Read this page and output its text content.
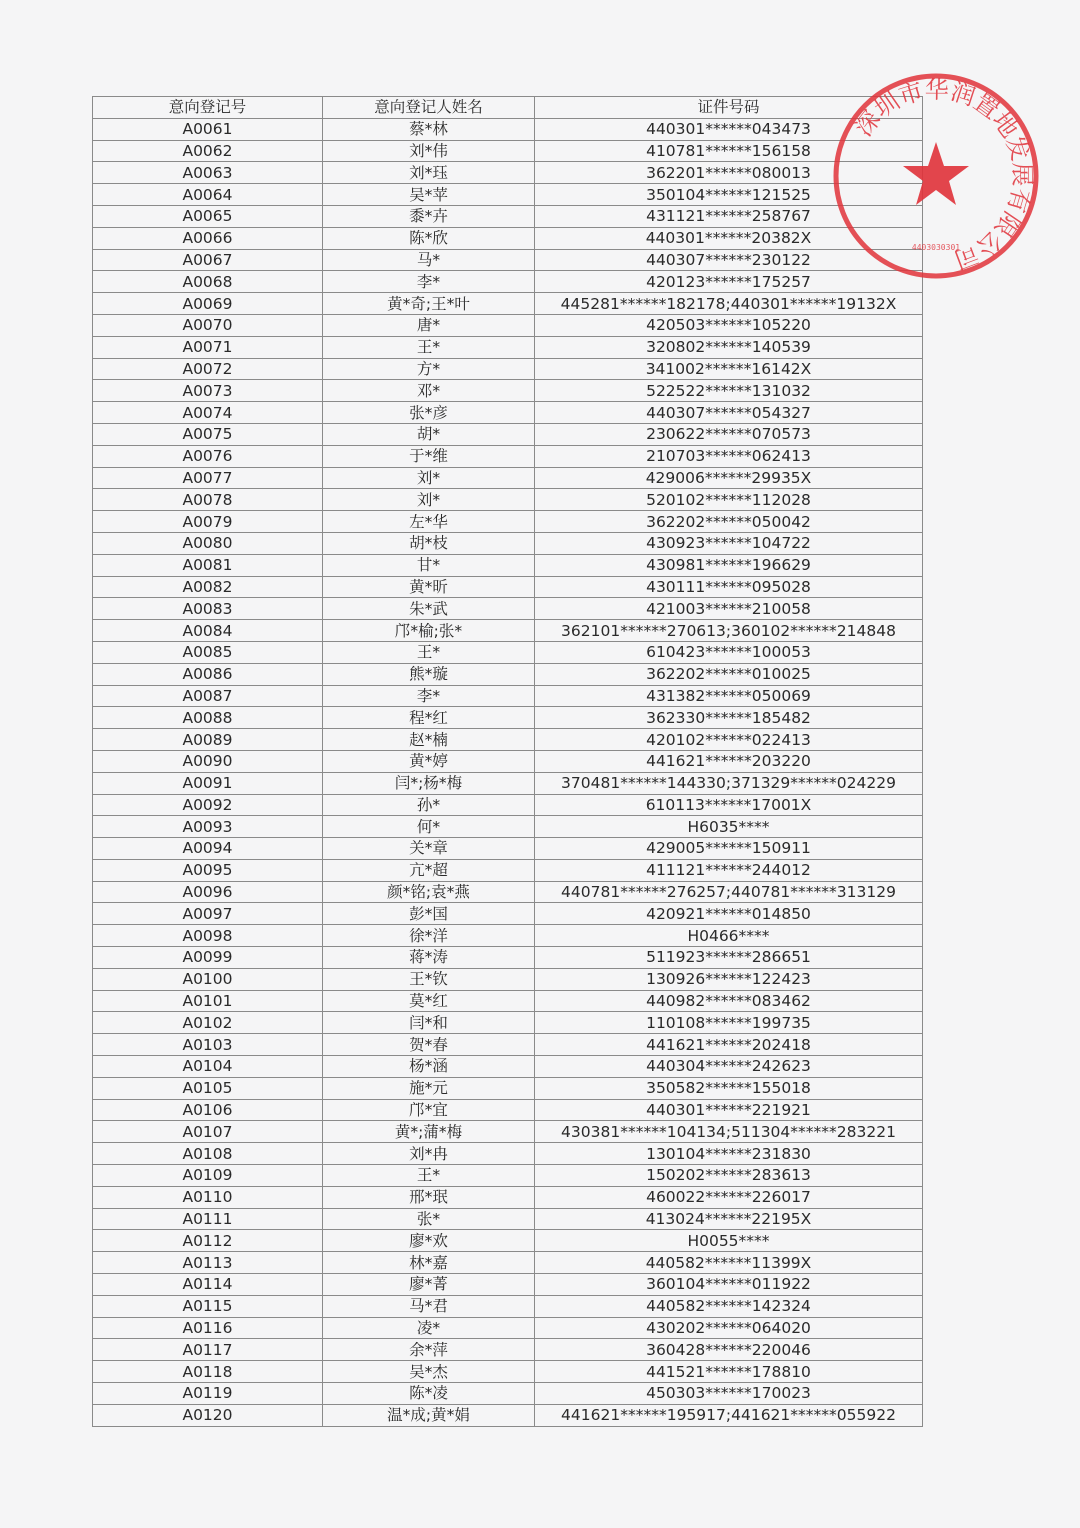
意向登记号	意向登记人姓名	证件号码
A0061	蔡*林	440301******043473
A0062	刘*伟	410781******156158
A0063	刘*珏	362201******080013
A0064	吴*苹	350104******121525
A0065	黍*卉	431121******258767
A0066	陈*欣	440301******20382X
A0067	马*	440307******230122
A0068	李*	420123******175257
A0069	黄*奇;王*叶	445281******182178;440301******19132X
A0070	唐*	420503******105220
A0071	王*	320802******140539
A0072	方*	341002******16142X
A0073	邓*	522522******131032
A0074	张*彦	440307******054327
A0075	胡*	230622******070573
A0076	于*维	210703******062413
A0077	刘*	429006******29935X
A0078	刘*	520102******112028
A0079	左*华	362202******050042
A0080	胡*枝	430923******104722
A0081	甘*	430981******196629
A0082	黄*昕	430111******095028
A0083	朱*武	421003******210058
A0084	邝*榆;张*	362101******270613;360102******214848
A0085	王*	610423******100053
A0086	熊*璇	362202******010025
A0087	李*	431382******050069
A0088	程*红	362330******185482
A0089	赵*楠	420102******022413
A0090	黄*婷	441621******203220
A0091	闫*;杨*梅	370481******144330;371329******024229
A0092	孙*	610113******17001X
A0093	何*	H6035****
A0094	关*章	429005******150911
A0095	亢*超	411121******244012
A0096	颜*铭;袁*燕	440781******276257;440781******313129
A0097	彭*国	420921******014850
A0098	徐*洋	H0466****
A0099	蒋*涛	511923******286651
A0100	王*钦	130926******122423
A0101	莫*红	440982******083462
A0102	闫*和	110108******199735
A0103	贺*春	441621******202418
A0104	杨*涵	440304******242623
A0105	施*元	350582******155018
A0106	邝*宜	440301******221921
A0107	黄*;蒲*梅	430381******104134;511304******283221
A0108	刘*冉	130104******231830
A0109	王*	150202******283613
A0110	邢*珉	460022******226017
A0111	张*	413024******22195X
A0112	廖*欢	H0055****
A0113	林*嘉	440582******11399X
A0114	廖*菁	360104******011922
A0115	马*君	440582******142324
A0116	凌*	430202******064020
A0117	余*萍	360428******220046
A0118	吴*杰	441521******178810
A0119	陈*凌	450303******170023
A0120	温*成;黄*娟	441621******195917;441621******055922
深圳市华润置地发展有限公司
4403030301
